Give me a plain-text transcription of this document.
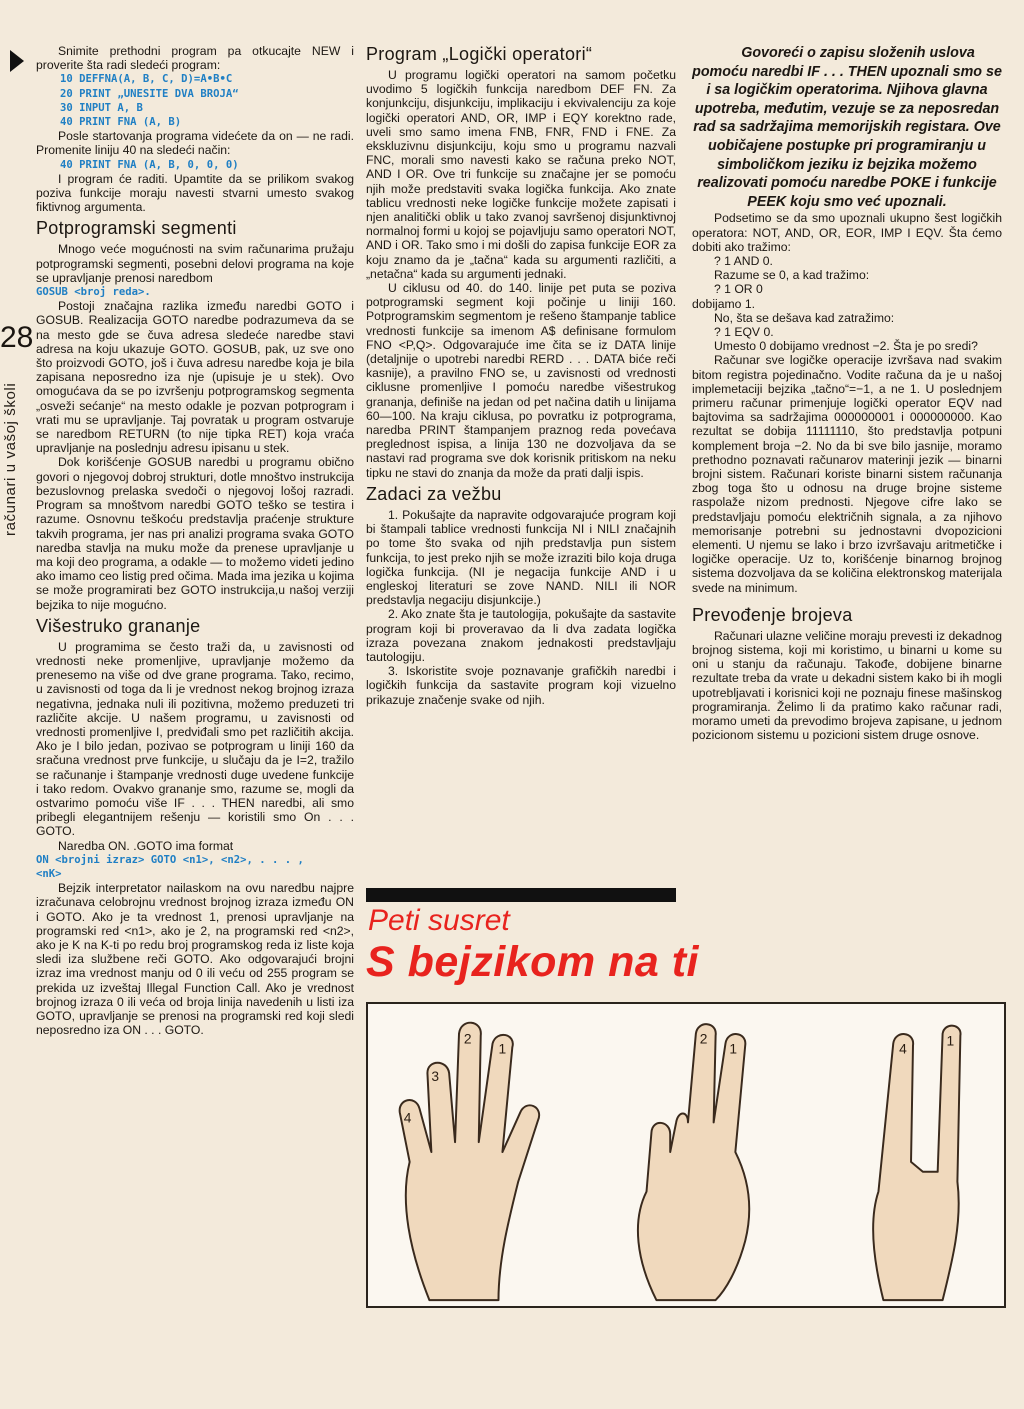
28
računari u vašoj školi

Snimite prethodni program pa otkucajte NEW i proverite šta radi sledeći program:

10 DEFFNA(A, B, C, D)=A•B•C
20 PRINT „UNESITE DVA BROJA“
30 INPUT A, B
40 PRINT FNA (A, B)

Posle startovanja programa videćete da on — ne radi. Promenite liniju 40 na sledeći način:

40 PRINT FNA (A, B, 0, 0, 0)

I program će raditi. Upamtite da se prilikom svakog poziva funkcije moraju navesti stvarni umesto svakog fiktivnog argumenta.

Potprogramski segmenti

Mnogo veće mogućnosti na svim računarima pružaju potprogramski segmenti, posebni delovi programa na koje se upravljanje prenosi naredbom

GOSUB <broj reda>.

Postoji značajna razlika između naredbi GOTO i GOSUB. Realizacija GOTO naredbe podrazumeva da se na mesto gde se čuva adresa sledeće naredbe stavi adresa na koju ukazuje GOTO. GOSUB, pak, uz sve ono što proizvodi GOTO, još i čuva adresu naredbe koja je bila zapisana neposredno iza nje (upisuje je u stek). Ovo omogućava da se po izvršenju potprogramskog segmenta „osveži sećanje“ na mesto odakle je pozvan potprogram i vrati mu se upravljanje. Taj povratak u program ostvaruje se naredbom RETURN (to nije tipka RET) koja vraća upravljanje na poslednju adresu ipisanu u stek.

Dok korišćenje GOSUB naredbi u programu obično govori o njegovoj dobroj strukturi, dotle mnoštvo instrukcija bezuslovnog prelaska svedoči o njegovoj lošoj razradi. Program sa mnoštvom naredbi GOTO teško se testira i razume. Osnovnu teškoću predstavlja praćenje strukture takvih programa, jer nas pri analizi programa svaka GOTO naredba stavlja na muku može da prenese upravljanje u ma koji deo programa, a odakle — to možemo videti jedino ako imamo ceo listig pred očima. Mada ima jezika u kojima se može programirati bez GOTO instrukcija,u našoj verziji bejzika to nije mogućno.

Višestruko grananje

U programima se često traži da, u zavisnosti od vrednosti neke promenljive, upravljanje možemo da prenesemo na više od dve grane programa. Tako, recimo, u zavisnosti od toga da li je vrednost nekog brojnog izraza negativna, jednaka nuli ili pozitivna, možemo preduzeti tri različite akcije. U našem programu, u zavisnosti od vrednosti promenljive I, predviđali smo pet različitih akcija. Ako je I bilo jedan, pozivao se potprogram u liniji 160 da sračuna vrednost prve funkcije, u slučaju da je I=2, tražilo se računanje i štampanje vrednosti duge uvedene funkcije i tako redom. Ovakvo grananje smo, razume se, mogli da ostvarimo pomoću više IF . . . THEN naredbi, ali smo pribegli elegantnijem rešenju — koristili smo On . . . GOTO.

Naredba ON. .GOTO ima format

ON <brojni izraz> GOTO <n1>, <n2>, . . . ,
<nK>

Bejzik interpretator nailaskom na ovu naredbu najpre izračunava celobrojnu vrednost brojnog izraza između ON i GOTO. Ako je ta vrednost 1, prenosi upravljanje na programski red <n1>, ako je 2, na programski red <n2>, ako je K na K-ti po redu broj programskog reda iz liste koja sledi iza službene reči GOTO. Ako odgovarajući brojni izraz ima vrednost manju od 0 ili veću od 255 program se prekida uz izveštaj Illegal Function Call. Ako je vrednost brojnog izraza 0 ili veća od broja linija navedenih u listi iza GOTO, upravljanje se prenosi na programski red koji sledi neposredno iza ON . . . GOTO.

Program „Logički operatori“

U programu logički operatori na samom početku uvodimo 5 logičkih funkcija naredbom DEF FN. Za konjunkciju, disjunkciju, implikaciju i ekvivalenciju za koje logički operatori AND, OR, IMP i EQY korektno rade, uveli smo samo imena FNB, FNR, FND i FNE. Za ekskluzivnu disjunkciju, koju smo u programu nazvali FNC, morali smo navesti kako se računa preko NOT, AND I OR. Ove tri funkcije su značajne jer se pomoću njih može predstaviti svaka logička funkcija. Ako znate tablicu vrednosti neke logičke funkcije možete zapisati i njen analitički oblik u tako zvanoj savršenoj disjunktivnoj normalnoj formi u kojoj se pojavljuju samo operatori NOT, AND i OR. Tako smo i mi došli do zapisa funkcije EOR za koju znamo da je „tačna“ kada su argumenti različiti, a „netačna“ kada su argumenti jednaki.

U ciklusu od 40. do 140. linije pet puta se poziva potprogramski segment koji počinje u liniji 160. Potprogramskim segmentom je rešeno štampanje tablice vrednosti funkcije sa imenom A$ definisane formulom FNO <P,Q>. Odgovarajuće ime čita se iz DATA linije (detaljnije o upotrebi naredbi RERD . . . DATA biće reči kasnije), a pravilno FNO se, u zavisnosti od vrednosti ciklusne promenljive I pomoću naredbe višestrukog grananja, definiše na jedan od pet načina datih u linijama 60—100. Na kraju ciklusa, po povratku iz potprograma, naredba PRINT štampanjem praznog reda povećava preglednost ispisa, a linija 130 ne dozvoljava da se nastavi rad programa sve dok korisnik pritiskom na neku tipku ne stavi do znanja da može da prati dalji ispis.

Zadaci za vežbu

1. Pokušajte da napravite odgovarajuće program koji bi štampali tablice vrednosti funkcija NI i NILI značajnih po tome što svaka od njih predstavlja pun sistem funkcija, to jest preko njih se može izraziti bilo koja druga logička funkcija. (NI je negacija funkcije AND i u engleskoj literaturi se zove NAND. NILI ili NOR predstavlja negaciju disjunkcije.)

2. Ako znate šta je tautologija, pokušajte da sastavite program koji bi proveravao da li dva zadata logička izraza povezana znakom jednakosti predstavljaju tautologiju.

3. Iskoristite svoje poznavanje grafičkih naredbi i logičkih funkcija da sastavite program koji vizuelno prikazuje značenje svake od njih.

Peti susret
S bejzikom na ti

Govoreći o zapisu složenih uslova pomoću naredbi IF . . . THEN upoznali smo se i sa logičkim operatorima. Njihova glavna upotreba, međutim, vezuje se za neposredan rad sa sadržajima memorijskih registara. Ove uobičajene postupke pri programiranju u simboličkom jeziku iz bejzika možemo realizovati pomoću naredbe POKE i funkcije PEEK koju smo već upoznali.

Podsetimo se da smo upoznali ukupno šest logičkih operatora: NOT, AND, OR, EOR, IMP I EQV. Šta ćemo dobiti ako tražimo:

? 1 AND 0.

Razume se 0, a kad tražimo:

? 1 OR 0

dobijamo 1.

No, šta se dešava kad zatražimo:

? 1 EQV 0.

Umesto 0 dobijamo vrednost −2. Šta je po sredi?

Računar sve logičke operacije izvršava nad svakim bitom registra pojedinačno. Vodite računa da je u našoj implemetaciji bejzika „tačno“=−1, a ne 1. U poslednjem primeru računar primenjuje logički operator EQV nad bajtovima sa sadržajima 000000001 i 000000000. Kao rezultat se dobija 11111110, što predstavlja potpuni komplement broja −2. No da bi sve bilo jasnije, moramo prethodno poznavati računarov materinji jezik — binarni brojni sistem. Računari koriste binarni sistem računanja zbog toga što u odnosu na druge brojne sisteme raspolaže nizom prednosti. Njegove cifre lako se predstavljaju pomoću električnih signala, a za njihovo memorisanje potrebni su jednostavni dvopozicioni elementi. U njemu se lako i brzo izvršavaju aritmetičke i logičke operacije. Uz to, korišćenje binarnog brojnog sistema dozvoljava da se količina elektronskog materijala svede na minimum.

Prevođenje brojeva

Računari ulazne veličine moraju prevesti iz dekadnog brojnog sistema, koji mi koristimo, u binarni u kome su oni u stanju da računaju. Takođe, dobijene binarne rezultate treba da vrate u dekadni sistem kako bi ih mogli upotrebljavati i korisnici koji ne poznaju finese mašinskog programiranja. Želimo li da pratimo kako računar radi, moramo umeti da prevodimo brojeva zapisane, u jednom pozicionom sistemu u pozicioni sistem druge osnove.

4
3
2
1
2
1	4	1
